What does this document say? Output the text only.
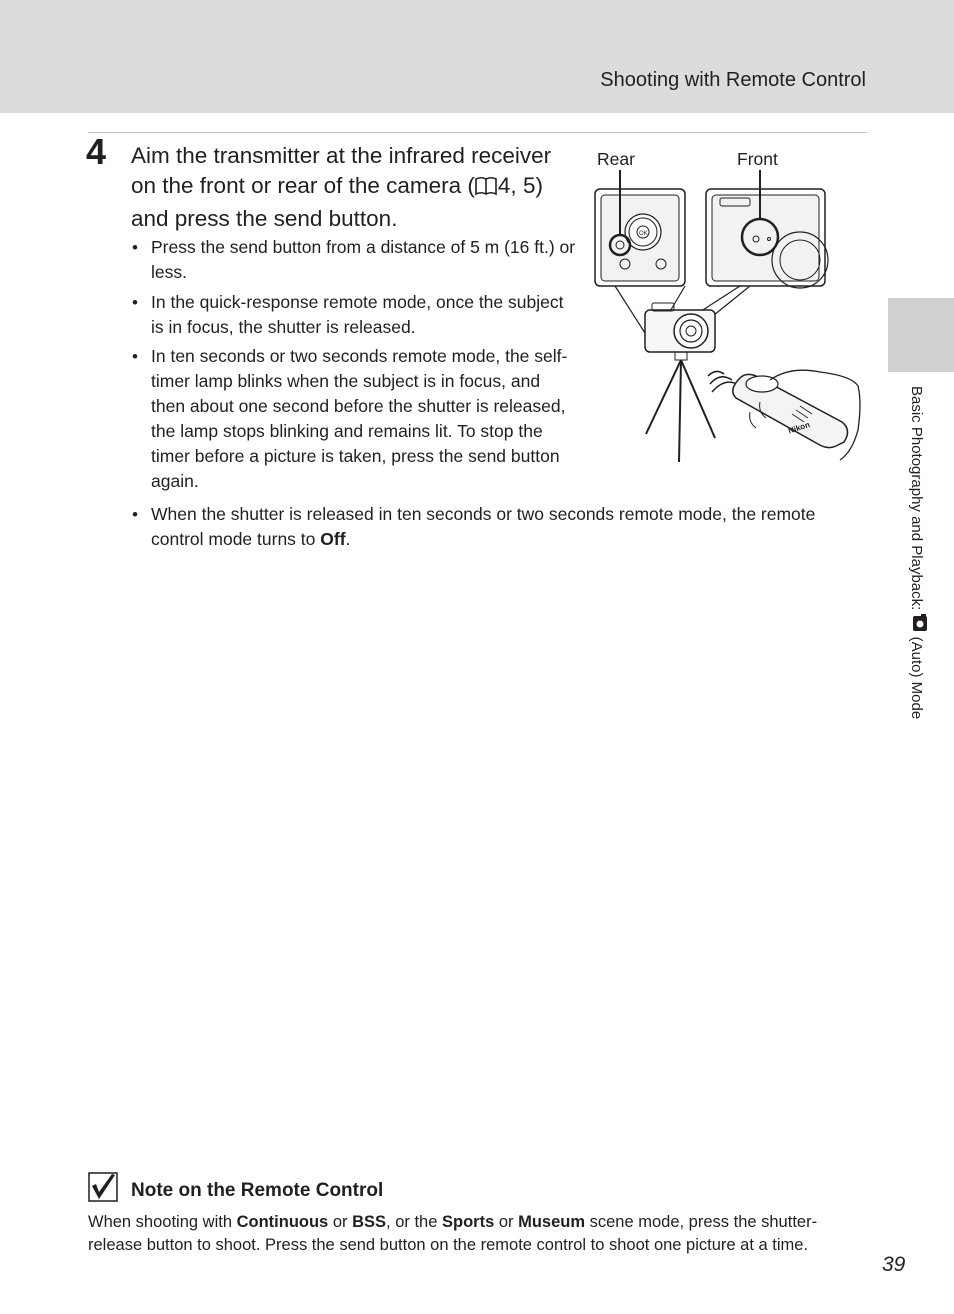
Shooting with Remote Control
4 Aim the transmitter at the infrared receiver on the front or rear of the camera ( 4, 5) and press the send button.
• Press the send button from a distance of 5 m (16 ft.) or less.
• In the quick-response remote mode, once the subject is in focus, the shutter is released.
• In ten seconds or two seconds remote mode, the self-timer lamp blinks when the subject is in focus, and then about one second before the shutter is released, the lamp stops blinking and remains lit. To stop the timer before a picture is taken, press the send button again.
• When the shutter is released in ten seconds or two seconds remote mode, the remote control mode turns to Off.
Rear	Front
OK
Nikon	Basic Photography and Playback:  (Auto) Mode
Note on the Remote Control

When shooting with Continuous or BSS, or the Sports or Museum scene mode, press the shutter-release button to shoot. Press the send button on the remote control to shoot one picture at a time.

39
